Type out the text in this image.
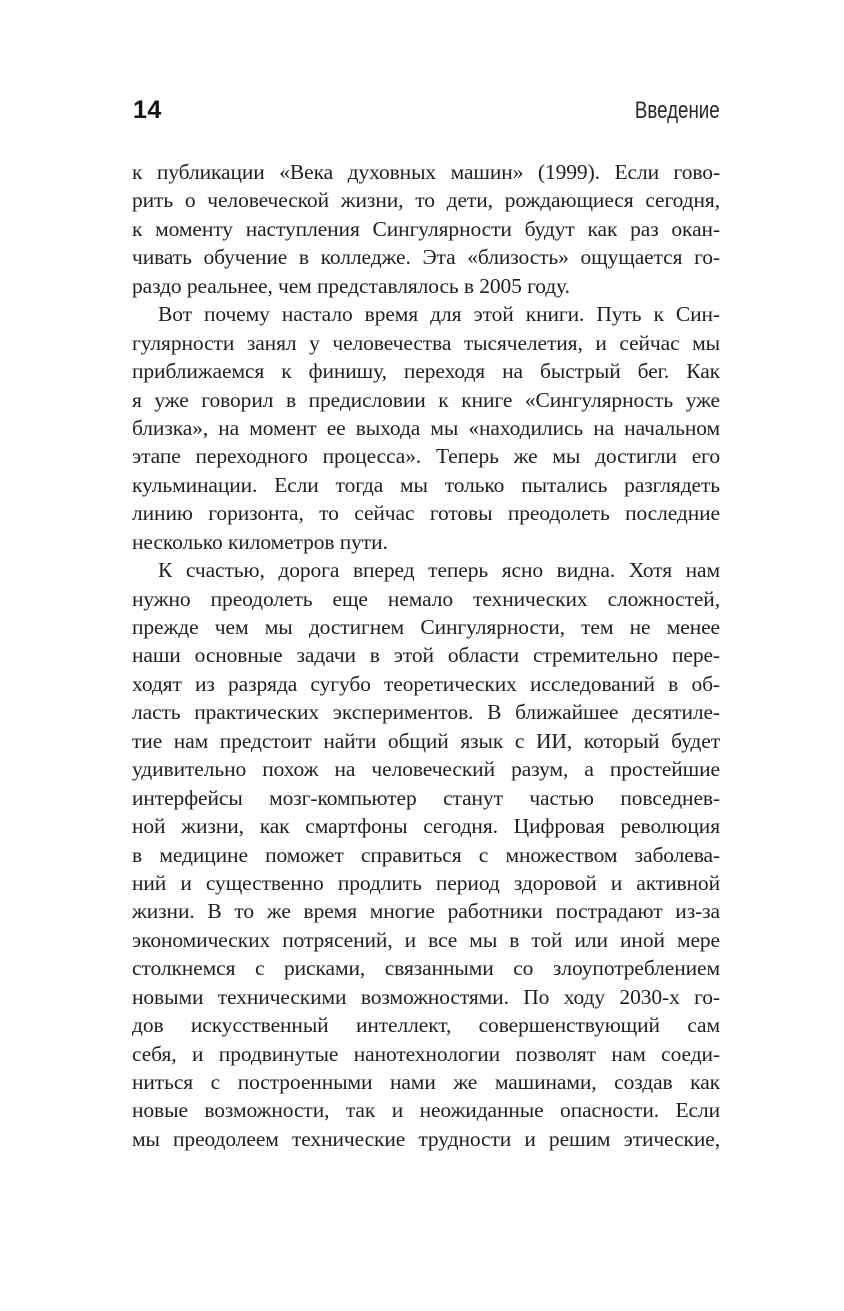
14	Введение
к публикации «Века духовных машин» (1999). Если гово-
рить о человеческой жизни, то дети, рождающиеся сегодня,
к моменту наступления Сингулярности будут как раз окан-
чивать обучение в колледже. Эта «близость» ощущается го-
раздо реальнее, чем представлялось в 2005 году.
Вот почему настало время для этой книги. Путь к Син-
гулярности занял у человечества тысячелетия, и сейчас мы
приближаемся к финишу, переходя на быстрый бег. Как
я уже говорил в предисловии к книге «Сингулярность уже
близка», на момент ее выхода мы «находились на начальном
этапе переходного процесса». Теперь же мы достигли его
кульминации. Если тогда мы только пытались разглядеть
линию горизонта, то сейчас готовы преодолеть последние
несколько километров пути.
К счастью, дорога вперед теперь ясно видна. Хотя нам
нужно преодолеть еще немало технических сложностей,
прежде чем мы достигнем Сингулярности, тем не менее
наши основные задачи в этой области стремительно пере-
ходят из разряда сугубо теоретических исследований в об-
ласть практических экспериментов. В ближайшее десятиле-
тие нам предстоит найти общий язык с ИИ, который будет
удивительно похож на человеческий разум, а простейшие
интерфейсы мозг-компьютер станут частью повседнев-
ной жизни, как смартфоны сегодня. Цифровая революция
в медицине поможет справиться с множеством заболева-
ний и существенно продлить период здоровой и активной
жизни. В то же время многие работники пострадают из-за
экономических потрясений, и все мы в той или иной мере
столкнемся с рисками, связанными со злоупотреблением
новыми техническими возможностями. По ходу 2030-х го-
дов искусственный интеллект, совершенствующий сам
себя, и продвинутые нанотехнологии позволят нам соеди-
ниться с построенными нами же машинами, создав как
новые возможности, так и неожиданные опасности. Если
мы преодолеем технические трудности и решим этические,
